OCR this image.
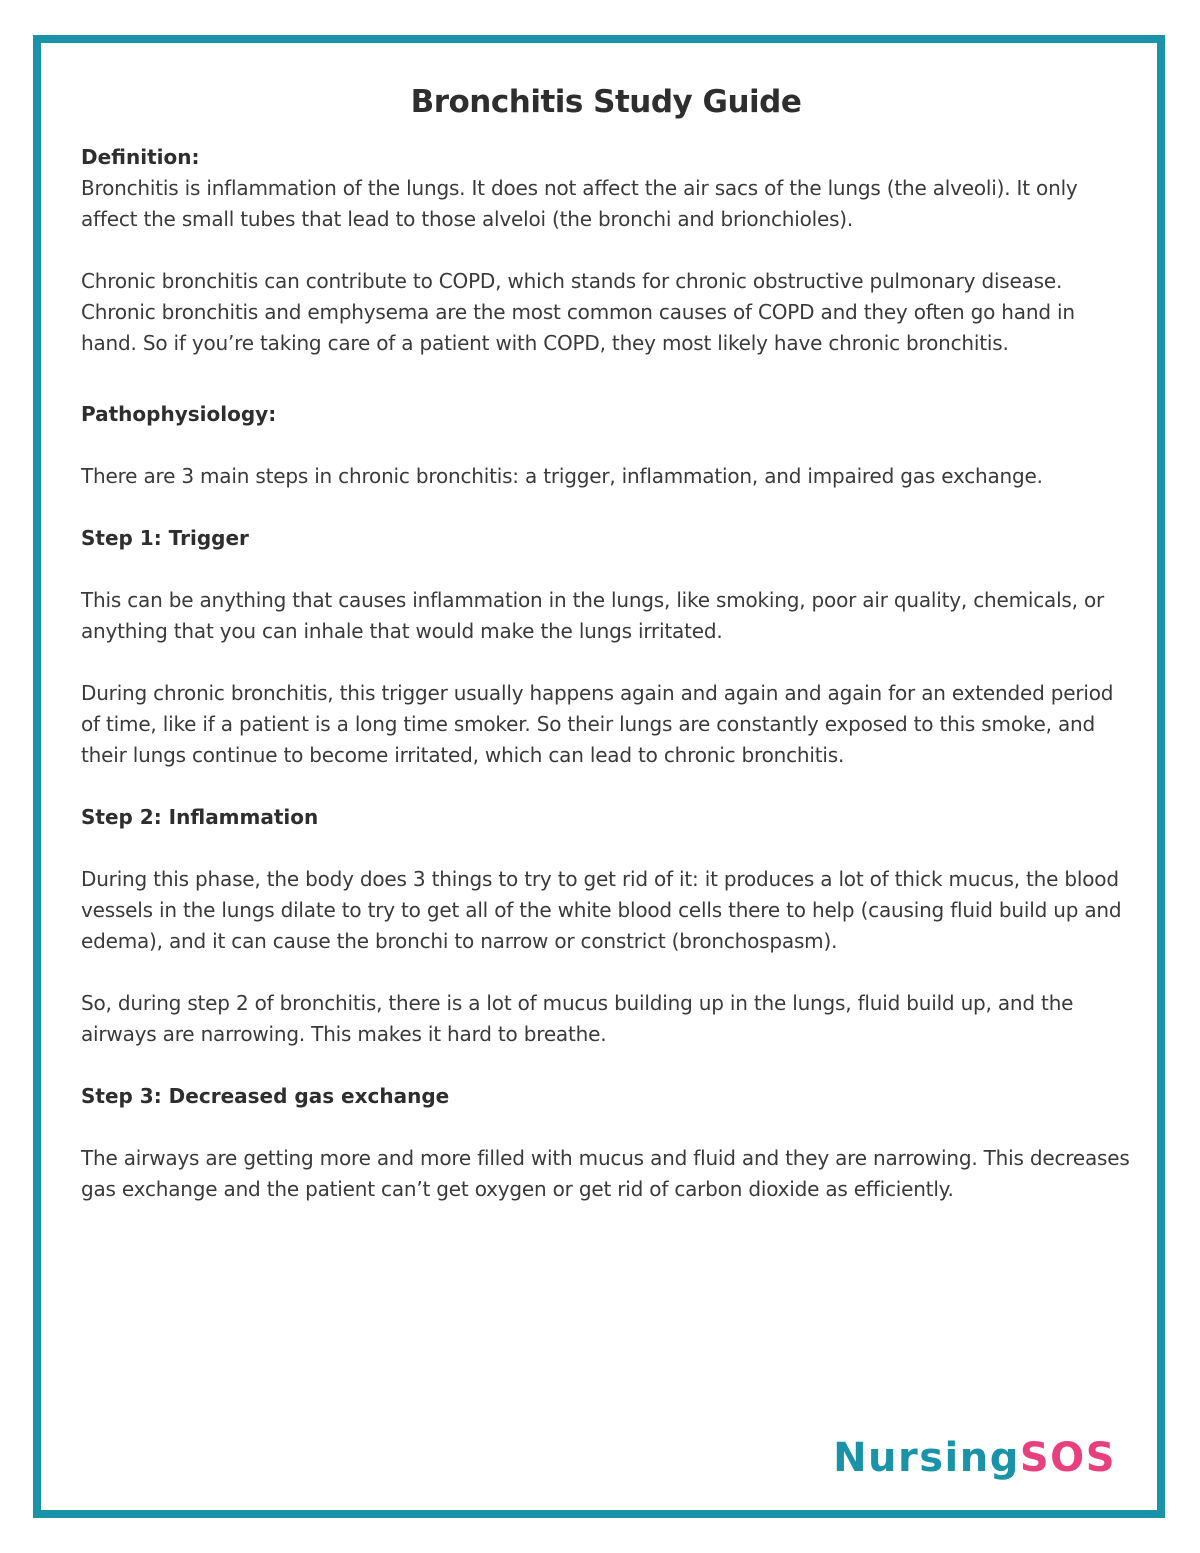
Bronchitis Study Guide

Definition:

Bronchitis is inflammation of the lungs. It does not affect the air sacs of the lungs (the alveoli). It only affect the small tubes that lead to those alveloi (the bronchi and brionchioles).

Chronic bronchitis can contribute to COPD, which stands for chronic obstructive pulmonary disease. Chronic bronchitis and emphysema are the most common causes of COPD and they often go hand in hand. So if you’re taking care of a patient with COPD, they most likely have chronic bronchitis.

Pathophysiology:

There are 3 main steps in chronic bronchitis: a trigger, inflammation, and impaired gas exchange.

Step 1: Trigger

This can be anything that causes inflammation in the lungs, like smoking, poor air quality, chemicals, or anything that you can inhale that would make the lungs irritated.

During chronic bronchitis, this trigger usually happens again and again and again for an extended period of time, like if a patient is a long time smoker. So their lungs are constantly exposed to this smoke, and their lungs continue to become irritated, which can lead to chronic bronchitis.

Step 2: Inflammation

During this phase, the body does 3 things to try to get rid of it: it produces a lot of thick mucus, the blood vessels in the lungs dilate to try to get all of the white blood cells there to help (causing fluid build up and edema), and it can cause the bronchi to narrow or constrict (bronchospasm).

So, during step 2 of bronchitis, there is a lot of mucus building up in the lungs, fluid build up, and the airways are narrowing. This makes it hard to breathe.

Step 3: Decreased gas exchange

The airways are getting more and more filled with mucus and fluid and they are narrowing. This decreases gas exchange and the patient can’t get oxygen or get rid of carbon dioxide as efficiently.

NursingSOS
